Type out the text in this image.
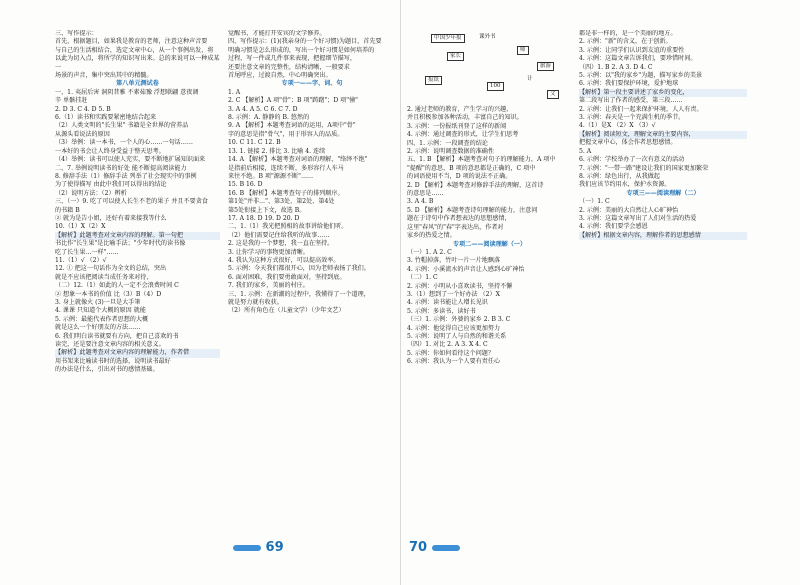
三、写作提示：

首先，根据题目，如果我是教育的老师，注意这种声音要

与自己的生活相结合，选定文章中心，从一个事例出发，将

以此为切入点，将所学的知识写出来。总的来说可以一种成某一

场景的声音，集中突出其中的精髓。

第八单元测试卷

一、1. 夷屈后害 洞阴昔雅 不素茹豫 浮想联翩 意夜调

辛 单骸挂赶

2. D 3. C 4. D 5. B

6.（1）读书和实践要紧密地结合起来

（2）人类文明的"长生果" 书籍是全世界的营养品

从源头看说法的原因

（3）举例：读一本书，一个人的心……一句话……

一本好的书会让人终身受益于整天思考。

（4）举例：读书可以使人充实，要不断地扩展知识面来

二、7. 举例说明读书的好处 能不断提高阅读能力

8. 修辞手法（1）修辞手法 列举了社会现实中的事例

为了使得描写 由此中我们可以得出的结论

（2）说明方法：（2）辨析

三、（一）9. 吃了可以使人长生不老的果子 并且不要贪食

的书籍 B

② 就为是告小姐，还好有着来接我等什么

10.（1）X（2）X

【解析】此题考查对文章内容的理解。第一句把

书比作"长生果"是比喻手法；"少年时代的读书像

吃了长生果…一样"……

11.（1）√ （2）√

12. ① 把这一句话作为全文的总结，突出

就是不应该把阅读当成任务来对待，

（二）12.（1）如此的人一定不会浪费时间 C

② 想象一本书的价值 比（3）B（4）D

3. 身上就像火 (3)一旦是大手筆

4. 课课 只知道个大概的原因 就能

5. 示例：最能代表作者思想的大概

就是这么一个好朋友的方法……

6. 我们明白读书就要有方向，把自己喜欢的书

读完，还是要注意文章内容的相关意义。

【解析】此题考查对文章内容的理解能力，作者借

用书架来比喻读书时的选择，说明读书最好

的办法是什么，引出对书的感情基础。

觉醒书，才能打开安宾的文学修养。

四、写作提示：(1)(我亲身的一个好习惯)为题目，首先要

明确习惯是怎么形成的，写出一个好习惯是如何培养的

过程，写一件或几件事来表现，把握细节描写，

还要注意文章的完整性，结构清晰，一般要求

首尾呼应，过渡自然，中心明确突出。

专项一——字、词、句

1. A

2. C 【解析】A 项"骨"；B 项"踌躇"；D 项"憧"

3. A 4. A 5. C 6. C 7. D

8. 示例：A. 静静的 B. 悠然的

9. A 【解析】本题考查词语的运用，A项中"骨"

字的意思是指"骨气"，用于形容人的品质。

10. C 11. C 12. B

13. 1. 链接 2. 排比 3. 比喻 4. 连续

14. A 【解析】本题考查对词语的理解，"络绎不绝"

是指前后相接，连续不断，多形容行人车马

来往不绝。B 项"源源不断"……

15. B 16. D

16. B 【解析】本题考查句子的排列顺序。

第1处"并非…"、第3处、第2处、第4处

第5处衔接上下文，故选 B。

17. A 18. D 19. D 20. D

二、1.（1）我光把照相的故事讲给他们听。

（2）他们需要记住给我听的故事……

2. 这是我的一个梦想，我一直在坚持。

3. 让你学习的事物更加清晰。

4. 我认为这种方式很好，可以提高效率。

5. 示例：今天我们都很开心，因为老师表扬了我们。

6. 面对困难，我们要勇敢面对，坚持到底。

7. 我们的家乡，美丽的村庄。

三、1. 示例：在新潮的过程中，我懂得了一个道理，

就是努力就有收获。

（2）所有角色在（儿童文学）（少年文艺）

69
中国少年报	课外书
家长
师
旅游
报纸
100
文
计

2. 通过老师的教育，产生学习的兴趣，

并且积极参加各种活动，丰富自己的知识。

3. 示例：一份报纸刊登了这样的新闻

4. 示例：通过调查的形式，让学生们思考

四、1. 示例：一段调查的结论

2. 示例：说明调查数据的准确性

五、1. B 【解析】本题考查对句子的理解能力，A 项中

"提醒"的意思，B 项的意思都是正确的，C 项中

的词语使用不当，D 项的说法不正确。

2. D 【解析】本题考查对修辞手法的理解，这首诗

的意思是……

3. A 4. B

5. D 【解析】本题考查诗句理解的能力，注意问

题在于诗句中作者想表达的思想感情，

这里"春风"的"春"字表达出，作者对

家乡的热爱之情。

专项二——阅读理解（一）

（一）1. A 2. C

3. 竹帽掉落，竹叶一片一片地飘落

4. 示例：小溪流水的声音让人感到心旷神怡

（二）1. C

2. 示例：小明从小喜欢读书，坚持不懈

3.（1）想到了一个好办法 （2）X

4. 示例：读书能让人增长见识

5. 示例：多读书，读好书

（三）1. 示例：外婆的家乡 2. B 3. C

4. 示例：他觉得自己应该更加努力

5. 示例：说明了人与自然的和谐关系

（四）1. 对比 2. A 3. X 4. C

5. 示例：你如何看待这个问题？

6. 示例：我认为一个人要有责任心

都是非一样的，是一个美丽的地方。

2. 示例："新"的含义，在于创新。

3. 示例：让同学们认识到友谊的重要性

4. 示例：这篇文章告诉我们，要珍惜时间。

（四）1. B 2. A 3. D 4. C

5. 示例：以"我的家乡"为题，描写家乡的美景

6. 示例：我们要保护环境，爱护地球

【解析】第一段主要讲述了家乡的变化，

第二段写出了作者的感受，第三段……

2. 示例：让我们一起来保护环境，人人有责。

3. 示例：春天是一个充满生机的季节。

4.（1）是X （2）X （3）√

【解析】阅读短文，理解文章的主要内容，

把握文章中心，体会作者思想感情。

5. A

6. 示例：学校举办了一次有意义的活动

7. 示例："一带一路"建设让我们的国家更加繁荣

8. 示例：绿色出行，从我做起

我们应该节约用水，保护水资源。

专项三——阅读理解（二）

（一）1. C

2. 示例：美丽的大自然让人心旷神怡

3. 示例：这篇文章写出了人们对生活的热爱

4. 示例：我们要学会感恩

【解析】根据文章内容，理解作者的思想感情

70
